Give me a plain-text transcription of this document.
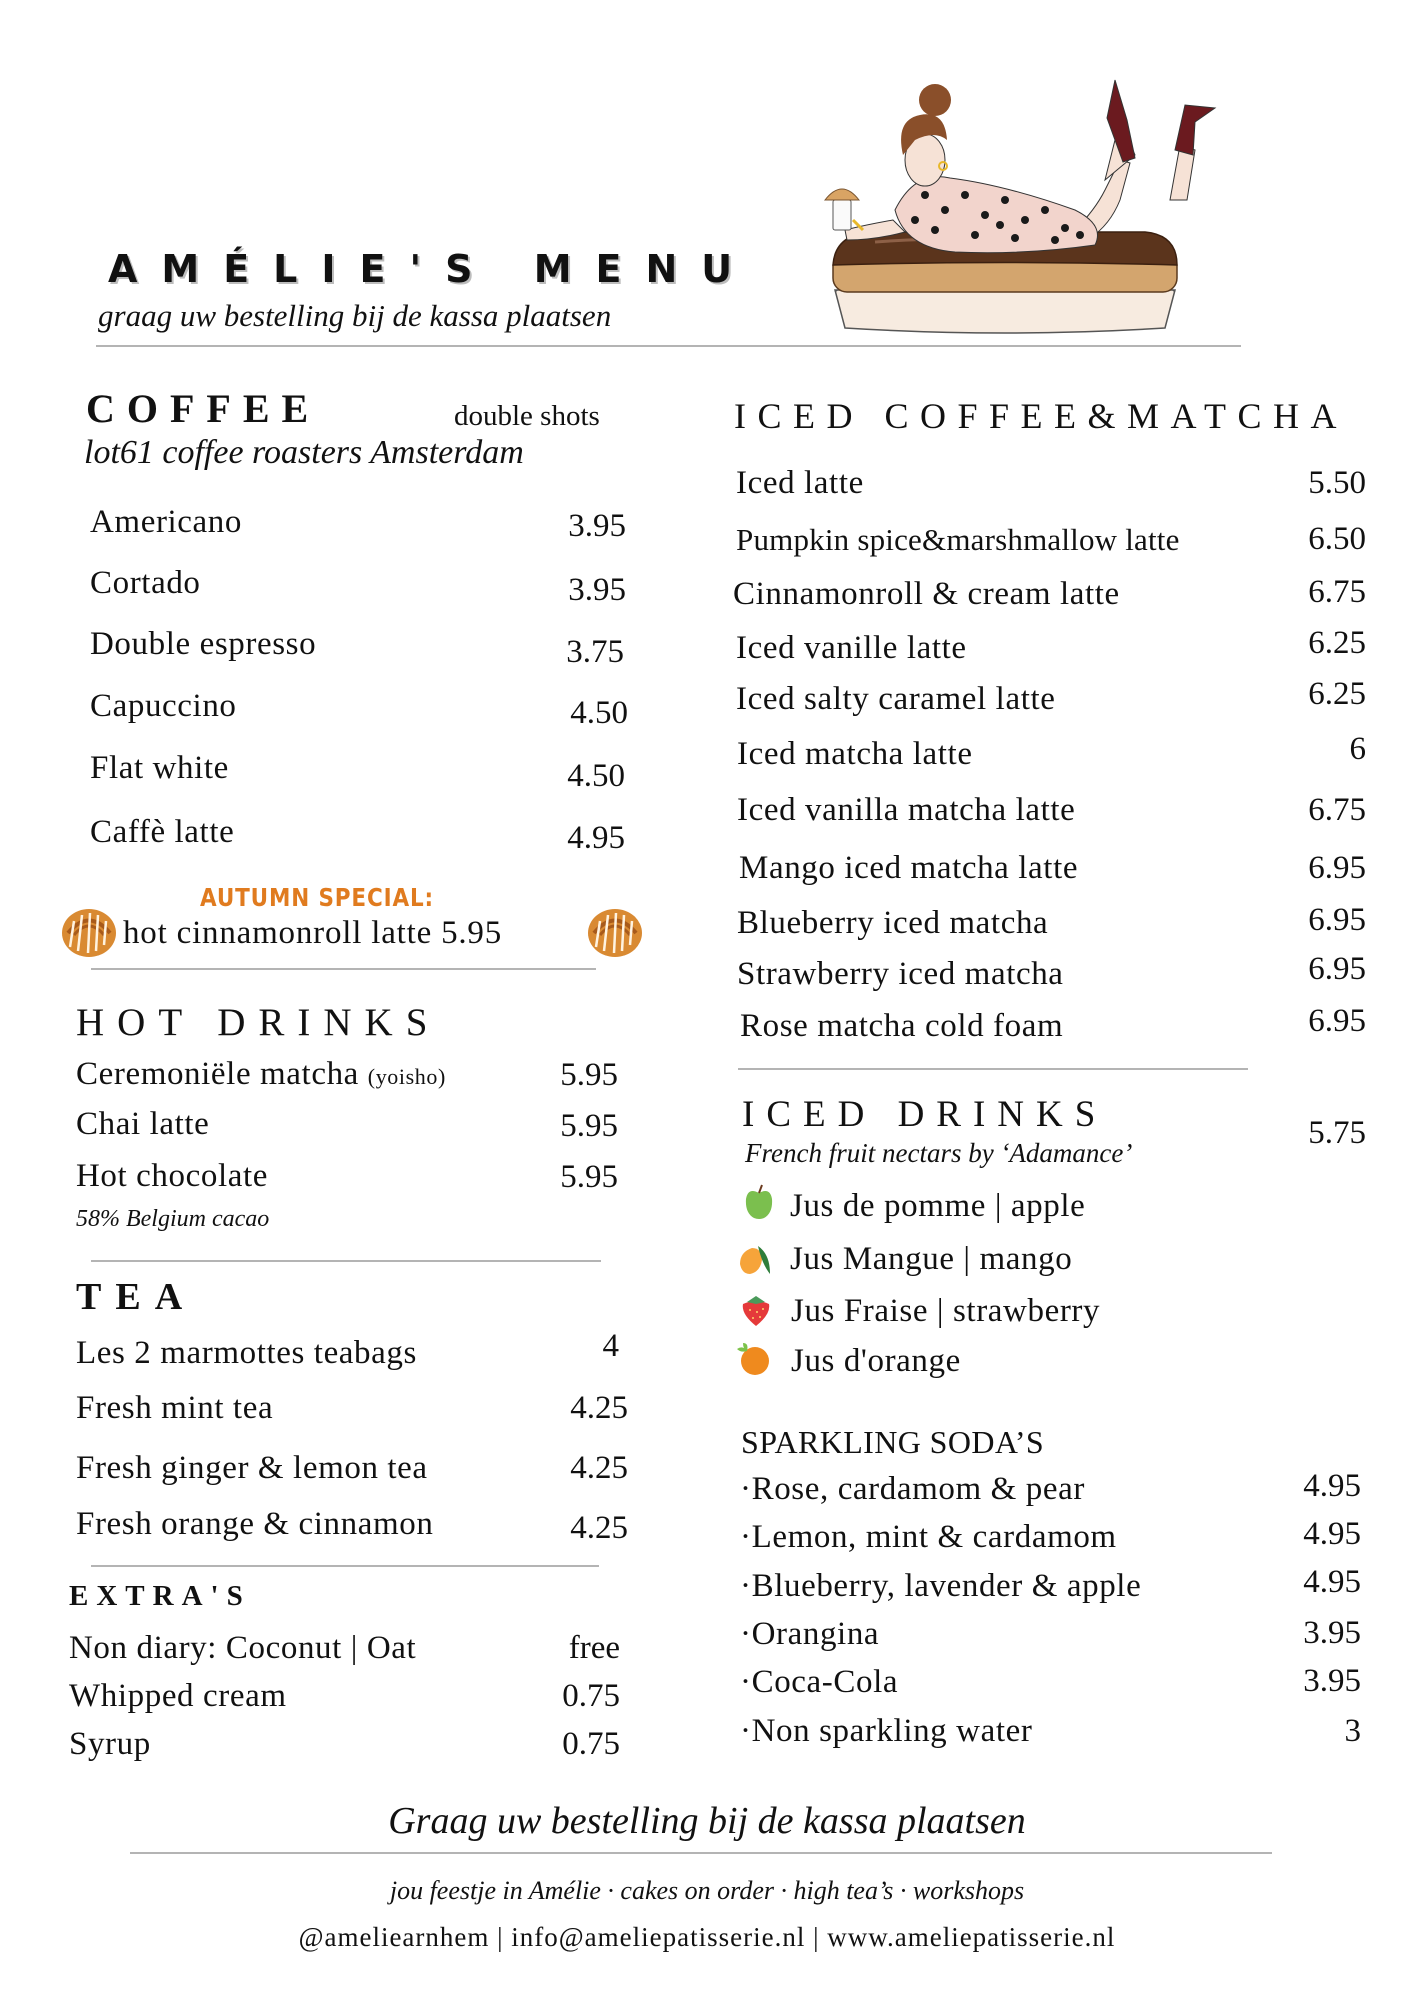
AMÉLIE'S MENU
graag uw bestelling bij de kassa plaatsen
COFFEE	double shots
lot61 coffee roasters Amsterdam
Americano	3.95
Cortado	3.95
Double espresso	3.75
Capuccino	4.50
Flat white	4.50
Caffè latte	4.95
AUTUMN SPECIAL:
hot cinnamonroll latte 5.95
HOT DRINKS
Ceremoniële matcha (yoisho)	5.95
Chai latte	5.95
Hot chocolate	5.95
58% Belgium cacao
TEA
Les 2 marmottes teabags	4
Fresh mint tea	4.25
Fresh ginger & lemon tea	4.25
Fresh orange & cinnamon	4.25
EXTRA'S
Non diary: Coconut | Oat	free
Whipped cream	0.75
Syrup	0.75
ICED COFFEE&MATCHA
Iced latte	5.50
Pumpkin spice&marshmallow latte	6.50
Cinnamonroll & cream latte	6.75
Iced vanille latte	6.25
Iced salty caramel latte	6.25
Iced matcha latte	6
Iced vanilla matcha latte	6.75
Mango iced matcha latte	6.95
Blueberry iced matcha	6.95
Strawberry iced matcha	6.95
Rose matcha cold foam	6.95
ICED DRINKS	5.75
French fruit nectars by ‘Adamance’
Jus de pomme | apple
Jus Mangue | mango
Jus Fraise | strawberry
Jus d'orange
SPARKLING SODA’S
·Rose, cardamom & pear	4.95
·Lemon, mint & cardamom	4.95
·Blueberry, lavender & apple	4.95
·Orangina	3.95
·Coca-Cola	3.95
·Non sparkling water	3
Graag uw bestelling bij de kassa plaatsen
jou feestje in Amélie · cakes on order · high tea’s · workshops
@ameliearnhem | info@ameliepatisserie.nl | www.ameliepatisserie.nl
